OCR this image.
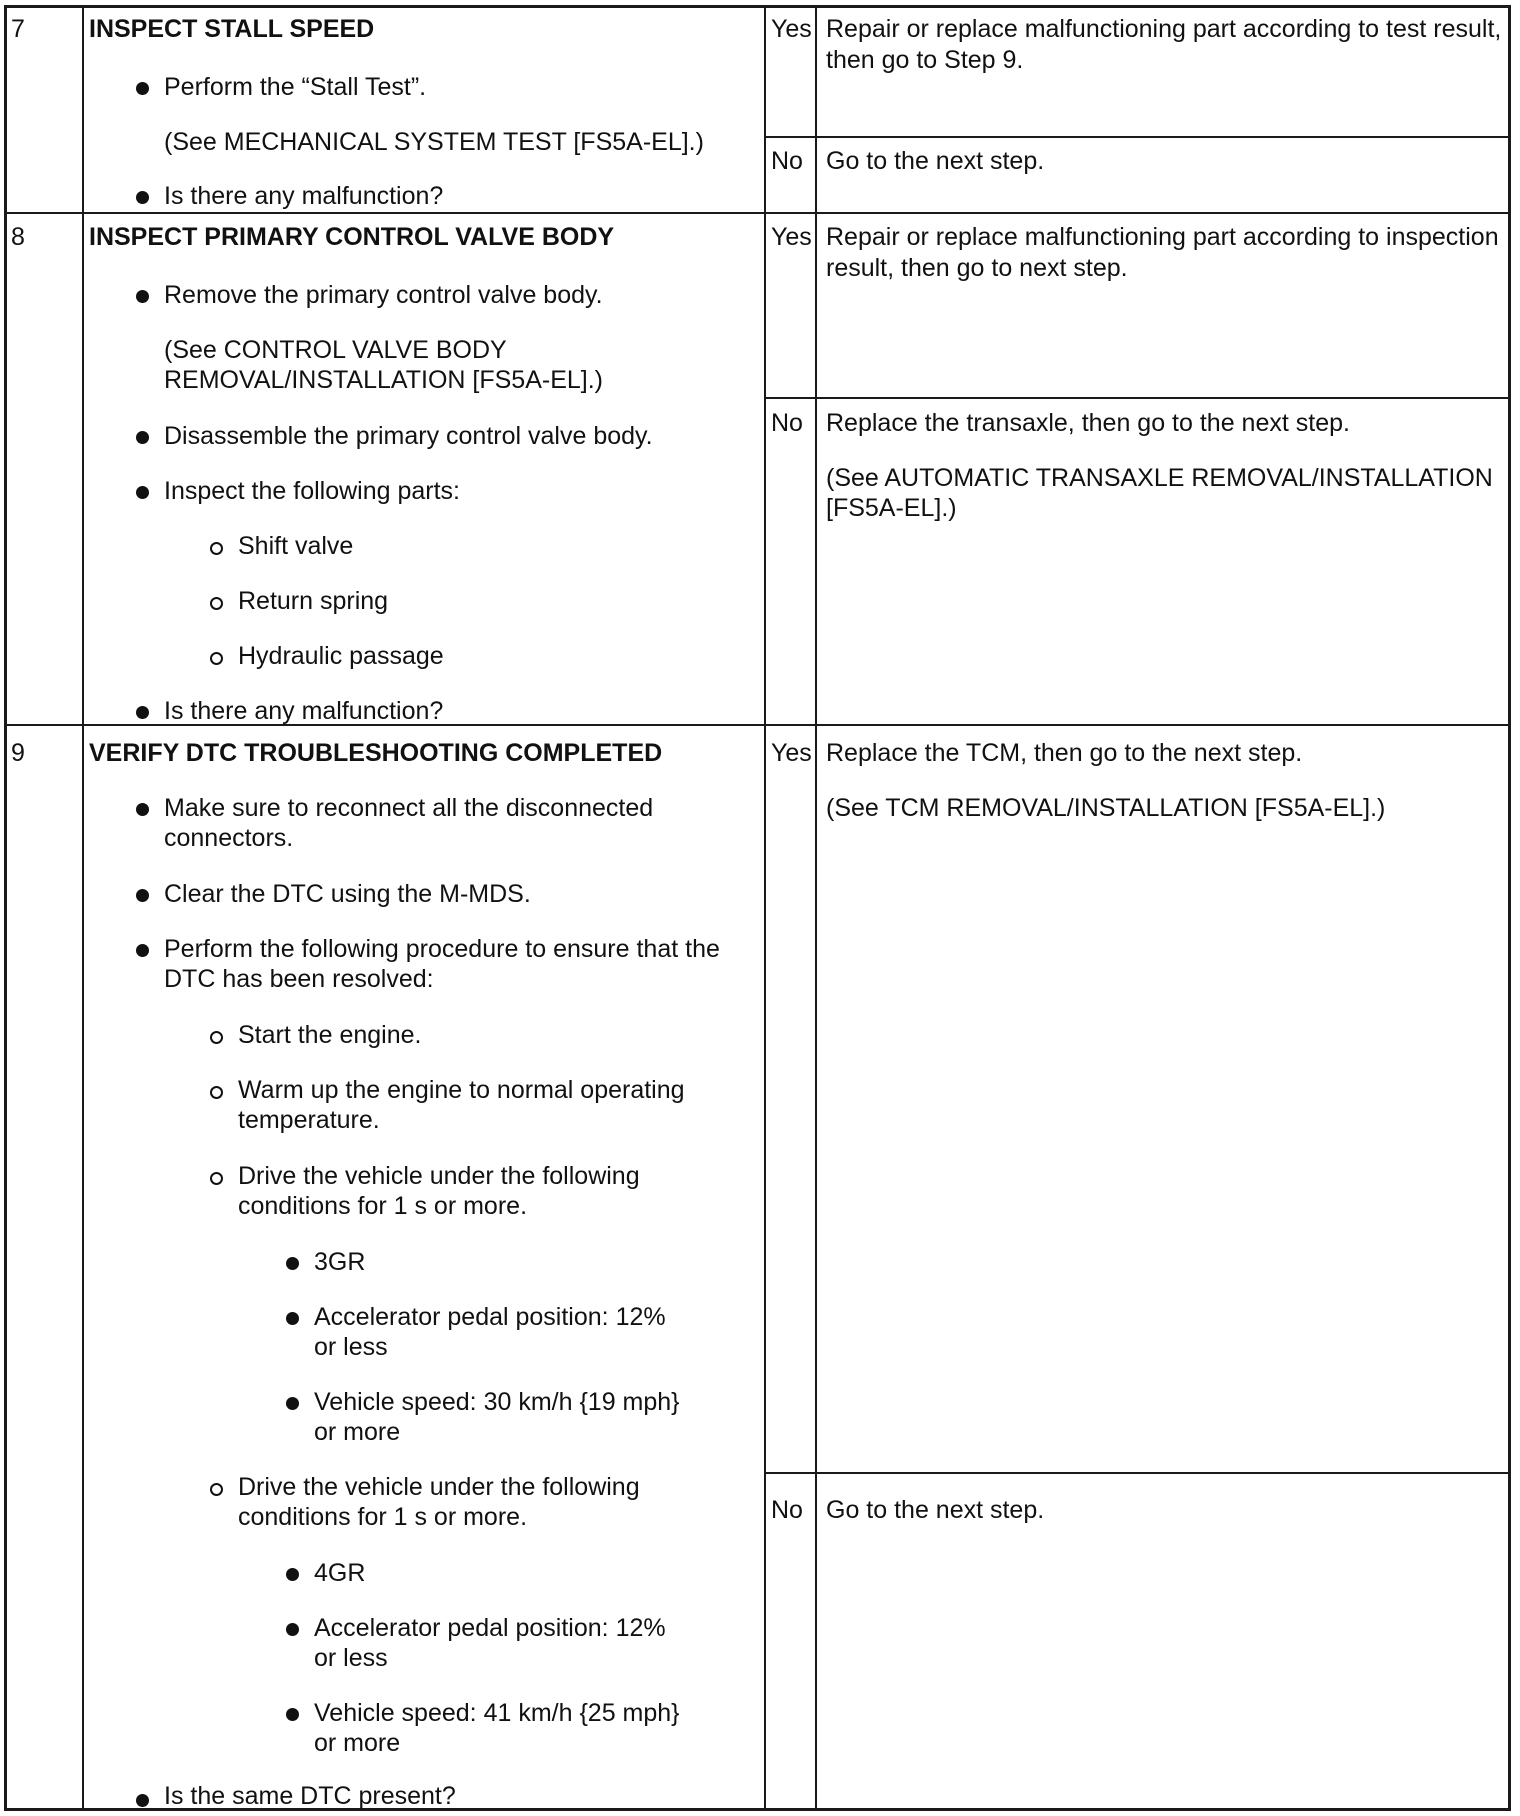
7	INSPECT STALL SPEED
Perform the “Stall Test”.
(See MECHANICAL SYSTEM TEST [FS5A-EL].)
Is there any malfunction?
Yes Repair or replace malfunctioning part according to test result,
then go to Step 9.
No Go to the next step.
8	INSPECT PRIMARY CONTROL VALVE BODY
Remove the primary control valve body.
(See CONTROL VALVE BODY
REMOVAL/INSTALLATION [FS5A-EL].)
Disassemble the primary control valve body.
Inspect the following parts:
Shift valve
Return spring
Hydraulic passage
Is there any malfunction?
Yes Repair or replace malfunctioning part according to inspection
result, then go to next step.
No Replace the transaxle, then go to the next step.
(See AUTOMATIC TRANSAXLE REMOVAL/INSTALLATION
[FS5A-EL].)
9	VERIFY DTC TROUBLESHOOTING COMPLETED
Make sure to reconnect all the disconnected
connectors.
Clear the DTC using the M-MDS.
Perform the following procedure to ensure that the
DTC has been resolved:
Start the engine.
Warm up the engine to normal operating
temperature.
Drive the vehicle under the following
conditions for 1 s or more.
3GR
Accelerator pedal position: 12%
or less
Vehicle speed: 30 km/h {19 mph}
or more
Drive the vehicle under the following
conditions for 1 s or more.
4GR
Accelerator pedal position: 12%
or less
Vehicle speed: 41 km/h {25 mph}
or more
Is the same DTC present?
Yes Replace the TCM, then go to the next step.
(See TCM REMOVAL/INSTALLATION [FS5A-EL].)
No Go to the next step.
